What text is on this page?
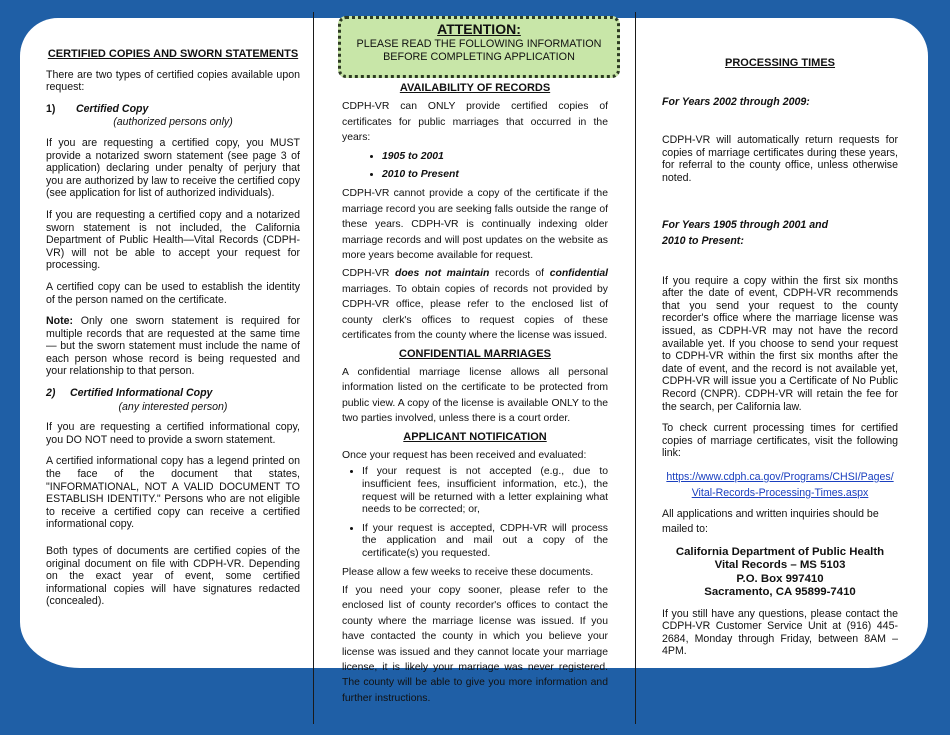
CERTIFIED COPIES AND SWORN STATEMENTS

There are two types of certified copies available upon request:

1) Certified Copy
(authorized persons only)

If you are requesting a certified copy, you MUST provide a notarized sworn statement (see page 3 of application) declaring under penalty of perjury that you are authorized by law to receive the certified copy (see application for list of authorized individuals).

If you are requesting a certified copy and a notarized sworn statement is not included, the California Department of Public Health—Vital Records (CDPH-VR) will not be able to accept your request for processing.

A certified copy can be used to establish the identity of the person named on the certificate.

Note: Only one sworn statement is required for multiple records that are requested at the same time — but the sworn statement must include the name of each person whose record is being requested and your relationship to that person.

2) Certified Informational Copy
(any interested person)

If you are requesting a certified informational copy, you DO NOT need to provide a sworn statement.

A certified informational copy has a legend printed on the face of the document that states, "INFORMATIONAL, NOT A VALID DOCUMENT TO ESTABLISH IDENTITY." Persons who are not eligible to receive a certified copy can receive a certified informational copy.

Both types of documents are certified copies of the original document on file with CDPH-VR. Depending on the exact year of event, some certified informational copies will have signatures redacted (concealed).

ATTENTION:
PLEASE READ THE FOLLOWING INFORMATION
BEFORE COMPLETING APPLICATION
AVAILABILITY OF RECORDS

CDPH-VR can ONLY provide certified copies of certificates for public marriages that occurred in the years:

• 1905 to 2001
• 2010 to Present

CDPH-VR cannot provide a copy of the certificate if the marriage record you are seeking falls outside the range of these years. CDPH-VR is continually indexing older marriage records and will post updates on the website as more years become available for request.

CDPH-VR does not maintain records of confidential marriages. To obtain copies of records not provided by CDPH-VR office, please refer to the enclosed list of county clerk's offices to request copies of these certificates from the county where the license was issued.

CONFIDENTIAL MARRIAGES

A confidential marriage license allows all personal information listed on the certificate to be protected from public view. A copy of the license is available ONLY to the two parties involved, unless there is a court order.

APPLICANT NOTIFICATION

Once your request has been received and evaluated:

• If your request is not accepted (e.g., due to insufficient fees, insufficient information, etc.), the request will be returned with a letter explaining what needs to be corrected; or,
• If your request is accepted, CDPH-VR will process the application and mail out a copy of the certificate(s) you requested.

Please allow a few weeks to receive these documents.

If you need your copy sooner, please refer to the enclosed list of county recorder's offices to contact the county where the marriage license was issued. If you have contacted the county in which you believe your license was issued and they cannot locate your marriage license, it is likely your marriage was never registered. The county will be able to give you more information and further instructions.

PROCESSING TIMES
For Years 2002 through 2009:

CDPH-VR will automatically return requests for copies of marriage certificates during these years, for referral to the county office, unless otherwise noted.

For Years 1905 through 2001 and
2010 to Present:

If you require a copy within the first six months after the date of event, CDPH-VR recommends that you send your request to the county recorder's office where the marriage license was issued, as CDPH-VR may not have the record available yet. If you choose to send your request to CDPH-VR within the first six months after the date of event, and the record is not available yet, CDPH-VR will issue you a Certificate of No Public Record (CNPR). CDPH-VR will retain the fee for the search, per California law.

To check current processing times for certified copies of marriage certificates, visit the following link:

https://www.cdph.ca.gov/Programs/CHSI/Pages/
Vital-Records-Processing-Times.aspx

All applications and written inquiries should be mailed to:

California Department of Public Health
Vital Records – MS 5103
P.O. Box 997410
Sacramento, CA 95899-7410

If you still have any questions, please contact the CDPH-VR Customer Service Unit at (916) 445-2684, Monday through Friday, between 8AM – 4PM.
